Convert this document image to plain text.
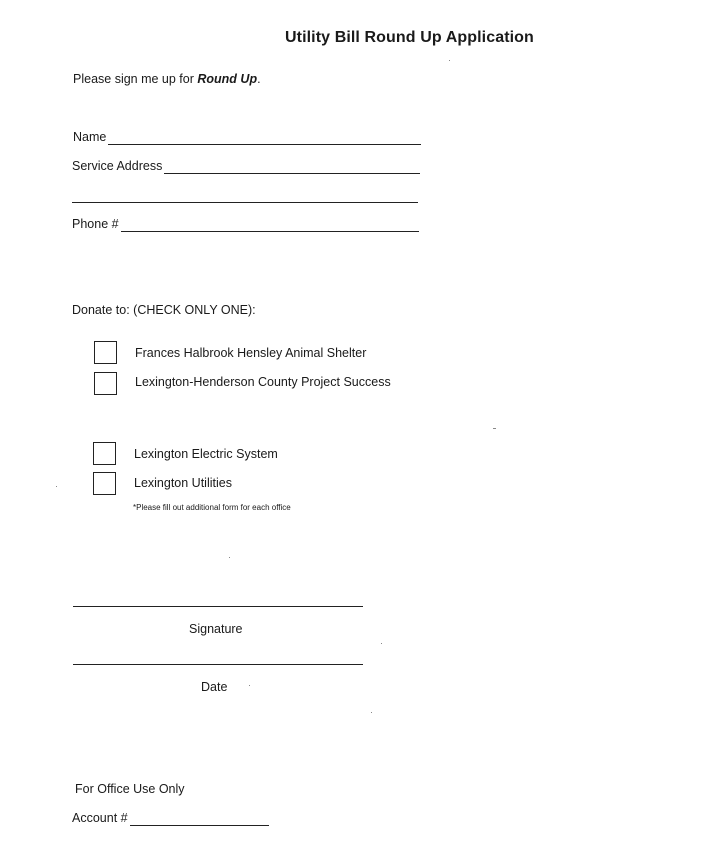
Utility Bill Round Up Application
Please sign me up for Round Up.
Name
Service Address
Phone #
Donate to: (CHECK ONLY ONE):
Frances Halbrook Hensley Animal Shelter
Lexington-Henderson County Project Success
Lexington Electric System
Lexington Utilities
*Please fill out additional form for each office
Signature
Date
For Office Use Only
Account #
